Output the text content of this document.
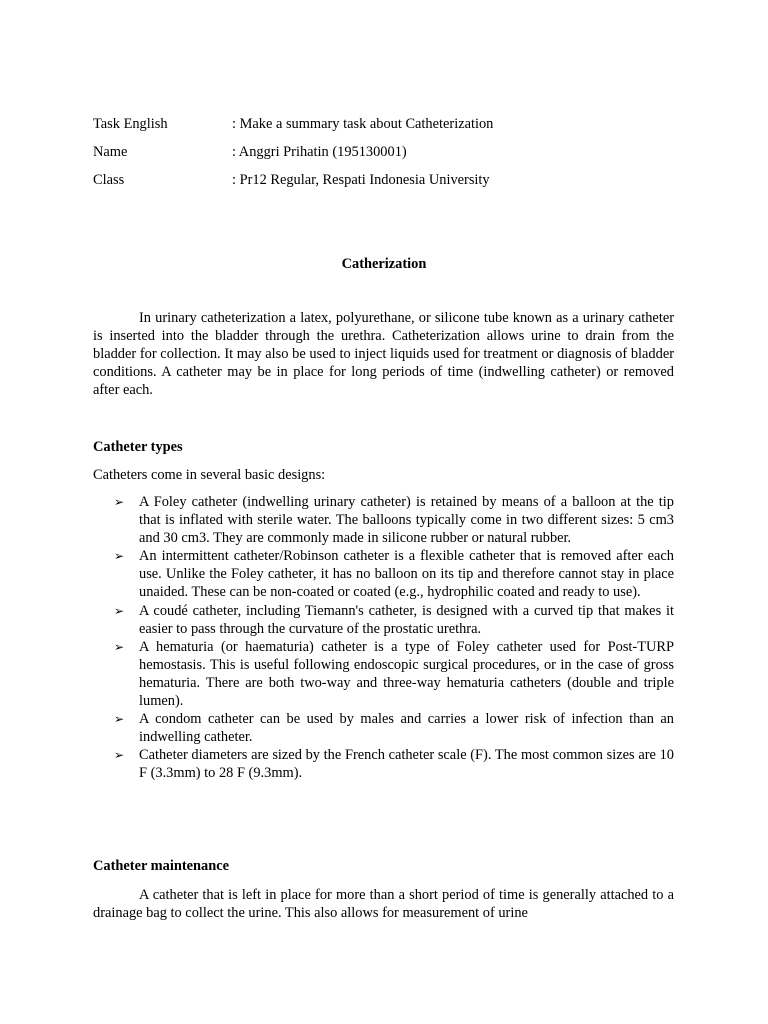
Task English	: Make a summary task about Catheterization
Name	: Anggri Prihatin (195130001)
Class	: Pr12 Regular, Respati Indonesia University
Catherization

In urinary catheterization a latex, polyurethane, or silicone tube known as a urinary catheter is inserted into the bladder through the urethra. Catheterization allows urine to drain from the bladder for collection. It may also be used to inject liquids used for treatment or diagnosis of bladder conditions. A catheter may be in place for long periods of time (indwelling catheter) or removed after each.

Catheter types
Catheters come in several basic designs:
➢ A Foley catheter (indwelling urinary catheter) is retained by means of a balloon at the tip that is inflated with sterile water. The balloons typically come in two different sizes: 5 cm3 and 30 cm3. They are commonly made in silicone rubber or natural rubber.
➢ An intermittent catheter/Robinson catheter is a flexible catheter that is removed after each use. Unlike the Foley catheter, it has no balloon on its tip and therefore cannot stay in place unaided. These can be non-coated or coated (e.g., hydrophilic coated and ready to use).
➢ A coudé catheter, including Tiemann's catheter, is designed with a curved tip that makes it easier to pass through the curvature of the prostatic urethra.
➢ A hematuria (or haematuria) catheter is a type of Foley catheter used for Post-TURP hemostasis. This is useful following endoscopic surgical procedures, or in the case of gross hematuria. There are both two-way and three-way hematuria catheters (double and triple lumen).
➢ A condom catheter can be used by males and carries a lower risk of infection than an indwelling catheter.
➢ Catheter diameters are sized by the French catheter scale (F). The most common sizes are 10 F (3.3mm) to 28 F (9.3mm).
Catheter maintenance

A catheter that is left in place for more than a short period of time is generally attached to a drainage bag to collect the urine. This also allows for measurement of urine
